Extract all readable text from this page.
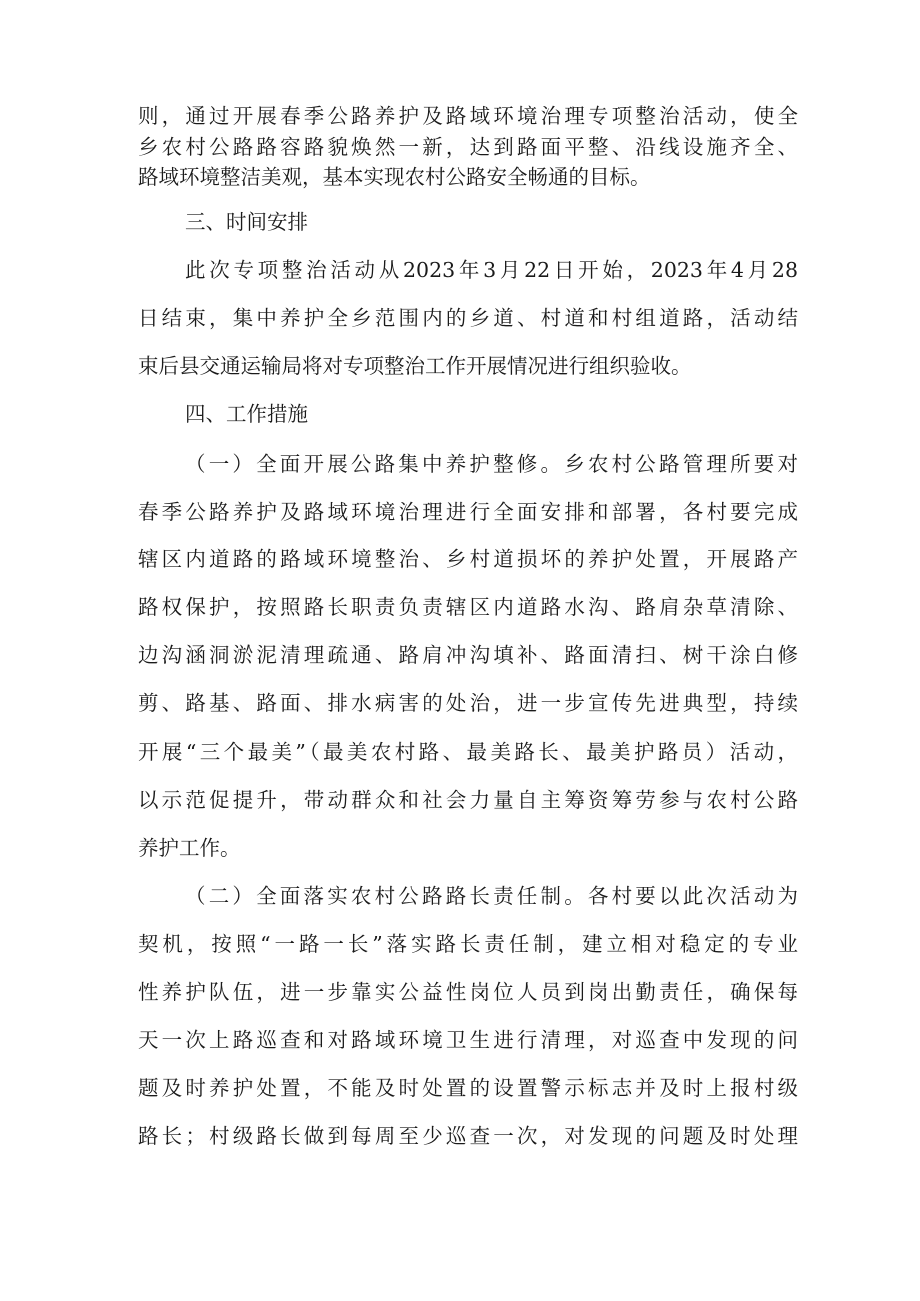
则，通过开展春季公路养护及路域环境治理专项整治活动，使全
乡农村公路路容路貌焕然一新，达到路面平整、沿线设施齐全、
路域环境整洁美观，基本实现农村公路安全畅通的目标。
三、时间安排
此次专项整治活动从2023年3月22日开始，2023年4月28
日结束，集中养护全乡范围内的乡道、村道和村组道路，活动结
束后县交通运输局将对专项整治工作开展情况进行组织验收。
四、工作措施
（一）全面开展公路集中养护整修。乡农村公路管理所要对
春季公路养护及路域环境治理进行全面安排和部署，各村要完成
辖区内道路的路域环境整治、乡村道损坏的养护处置，开展路产
路权保护，按照路长职责负责辖区内道路水沟、路肩杂草清除、
边沟涵洞淤泥清理疏通、路肩冲沟填补、路面清扫、树干涂白修
剪、路基、路面、排水病害的处治，进一步宣传先进典型，持续
开展“三个最美”（最美农村路、最美路长、最美护路员）活动，
以示范促提升，带动群众和社会力量自主筹资筹劳参与农村公路
养护工作。
（二）全面落实农村公路路长责任制。各村要以此次活动为
契机，按照“一路一长”落实路长责任制，建立相对稳定的专业
性养护队伍，进一步靠实公益性岗位人员到岗出勤责任，确保每
天一次上路巡查和对路域环境卫生进行清理，对巡查中发现的问
题及时养护处置，不能及时处置的设置警示标志并及时上报村级
路长；村级路长做到每周至少巡查一次，对发现的问题及时处理
